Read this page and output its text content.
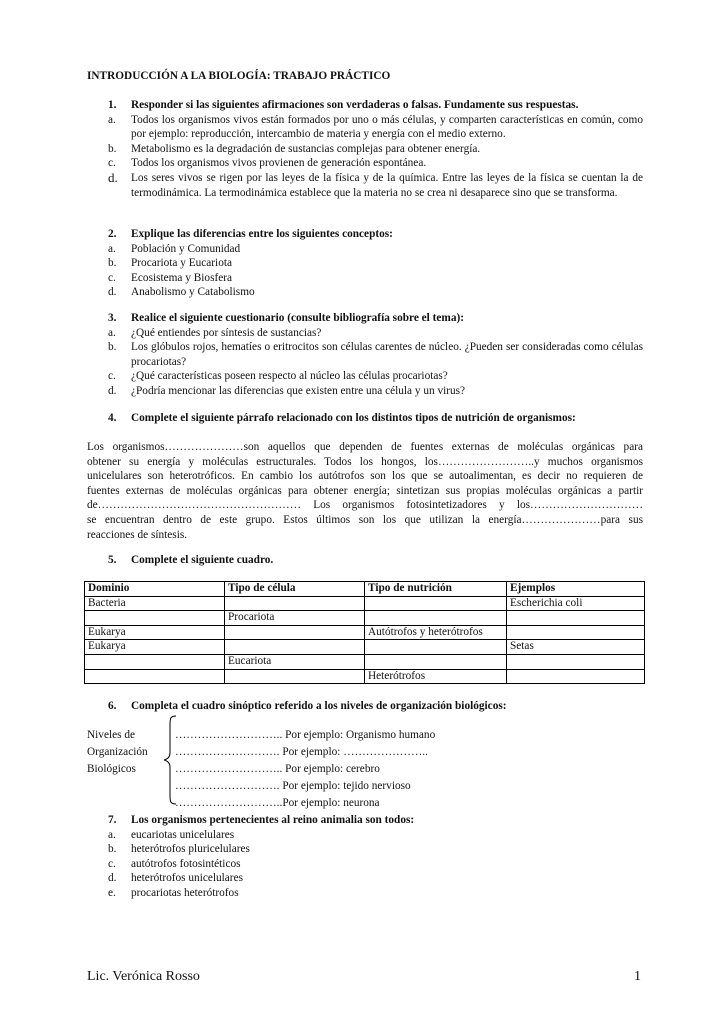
INTRODUCCIÓN A LA BIOLOGÍA: TRABAJO PRÁCTICO
1.	Responder si las siguientes afirmaciones son verdaderas o falsas. Fundamente sus respuestas.
a.	Todos los organismos vivos están formados por uno o más células, y comparten características en común, como por ejemplo: reproducción, intercambio de materia y energía con el medio externo.
b.	Metabolismo es la degradación de sustancias complejas para obtener energía.
c.	Todos los organismos vivos provienen de generación espontánea.
d.	Los seres vivos se rigen por las leyes de la física y de la química. Entre las leyes de la física se cuentan la de termodinámica. La termodinámica establece que la materia no se crea ni desaparece sino que se transforma.
2.	Explique las diferencias entre los siguientes conceptos:
a.	Población y Comunidad
b.	Procariota y Eucariota
c.	Ecosistema y Biosfera
d.	Anabolismo y Catabolismo
3.	Realice el siguiente cuestionario (consulte bibliografía sobre el tema):
a.	¿Qué entiendes por síntesis de sustancias?
b.	Los glóbulos rojos, hematíes o eritrocitos son células carentes de núcleo. ¿Pueden ser consideradas como células procariotas?
c.	¿Qué características poseen respecto al núcleo las células procariotas?
d.	¿Podría mencionar las diferencias que existen entre una célula y un virus?
4.	Complete el siguiente párrafo relacionado con los distintos tipos de nutrición de organismos:
Los organismos…………………son aquellos que dependen de fuentes externas de moléculas orgánicas para
obtener su energía y moléculas estructurales. Todos los hongos, los……………………..y muchos organismos
unicelulares son heterotróficos. En cambio los autótrofos son los que se autoalimentan, es decir no requieren de
fuentes externas de moléculas orgánicas para obtener energía; sintetizan sus propias moléculas orgánicas a partir
de……………………………………………… Los organismos fotosintetizadores y los…………………………
se encuentran dentro de este grupo. Estos últimos son los que utilizan la energía…………………para sus
reacciones de síntesis.
5.	Complete el siguiente cuadro.
Dominio	Tipo de célula	Tipo de nutrición	Ejemplos
Bacteria			Escherichia coli
	Procariota		
Eukarya		Autótrofos y heterótrofos	
Eukarya			Setas
	Eucariota		
		Heterótrofos	
6.	Completa el cuadro sinóptico referido a los niveles de organización biológicos:
Niveles de
Organización
Biológicos
……………………….. Por ejemplo: Organismo humano
………………………. Por ejemplo: …………………..
……………………….. Por ejemplo: cerebro
………………………. Por ejemplo: tejido nervioso
………………………..Por ejemplo: neurona
7.	Los organismos pertenecientes al reino animalia son todos:
a.	eucariotas unicelulares
b.	heterótrofos pluricelulares
c.	autótrofos fotosintéticos
d.	heterótrofos unicelulares
e.	procariotas heterótrofos
Lic. Verónica Rosso	1
